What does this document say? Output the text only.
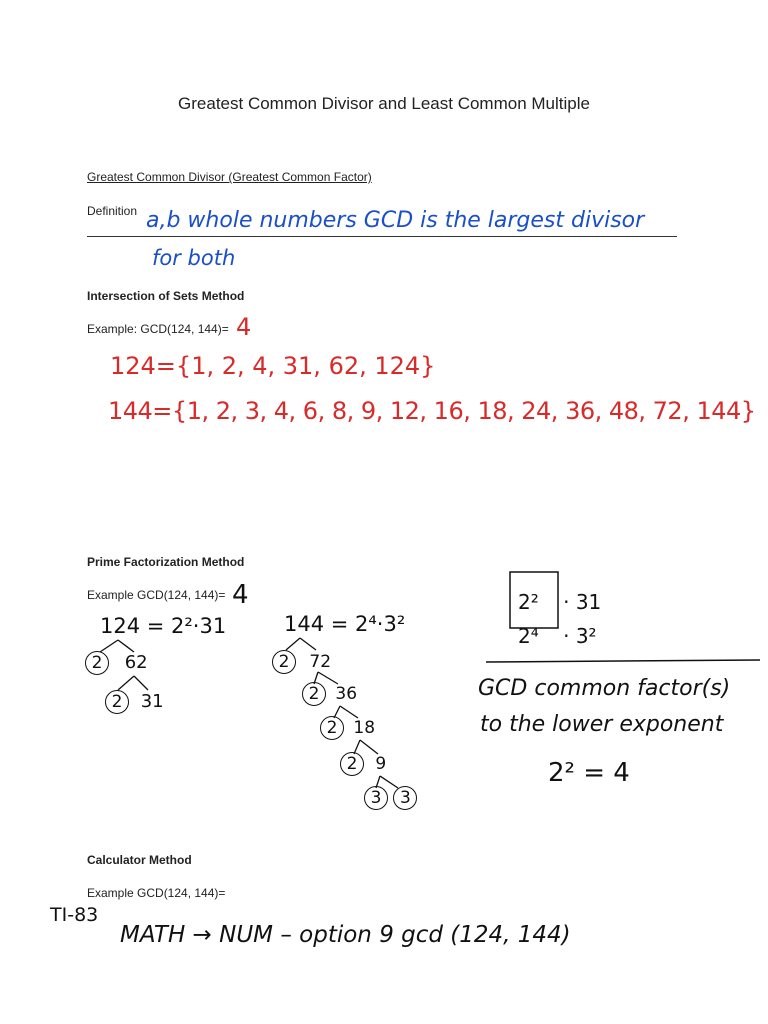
Greatest Common Divisor and Least Common Multiple
Greatest Common Divisor (Greatest Common Factor)
Definition a,b whole numbers GCD is the largest divisor
for both
Intersection of Sets Method
Example: GCD(124, 144)= 4
124={1, 2, 4, 31, 62, 124}
144={1, 2, 3, 4, 6, 8, 9, 12, 16, 18, 24, 36, 48, 72, 144}
Prime Factorization Method
Example GCD(124, 144)= 4
124 = 2²·31
2 62
2 31
144 = 2⁴·3²
2 72
2 36
2 18
2 9
3 3
2² · 31
2⁴ · 3²
GCD common factor(s)
to the lower exponent
2² = 4
Calculator Method
Example GCD(124, 144)=
TI-83
MATH → NUM – option 9 gcd (124, 144)
